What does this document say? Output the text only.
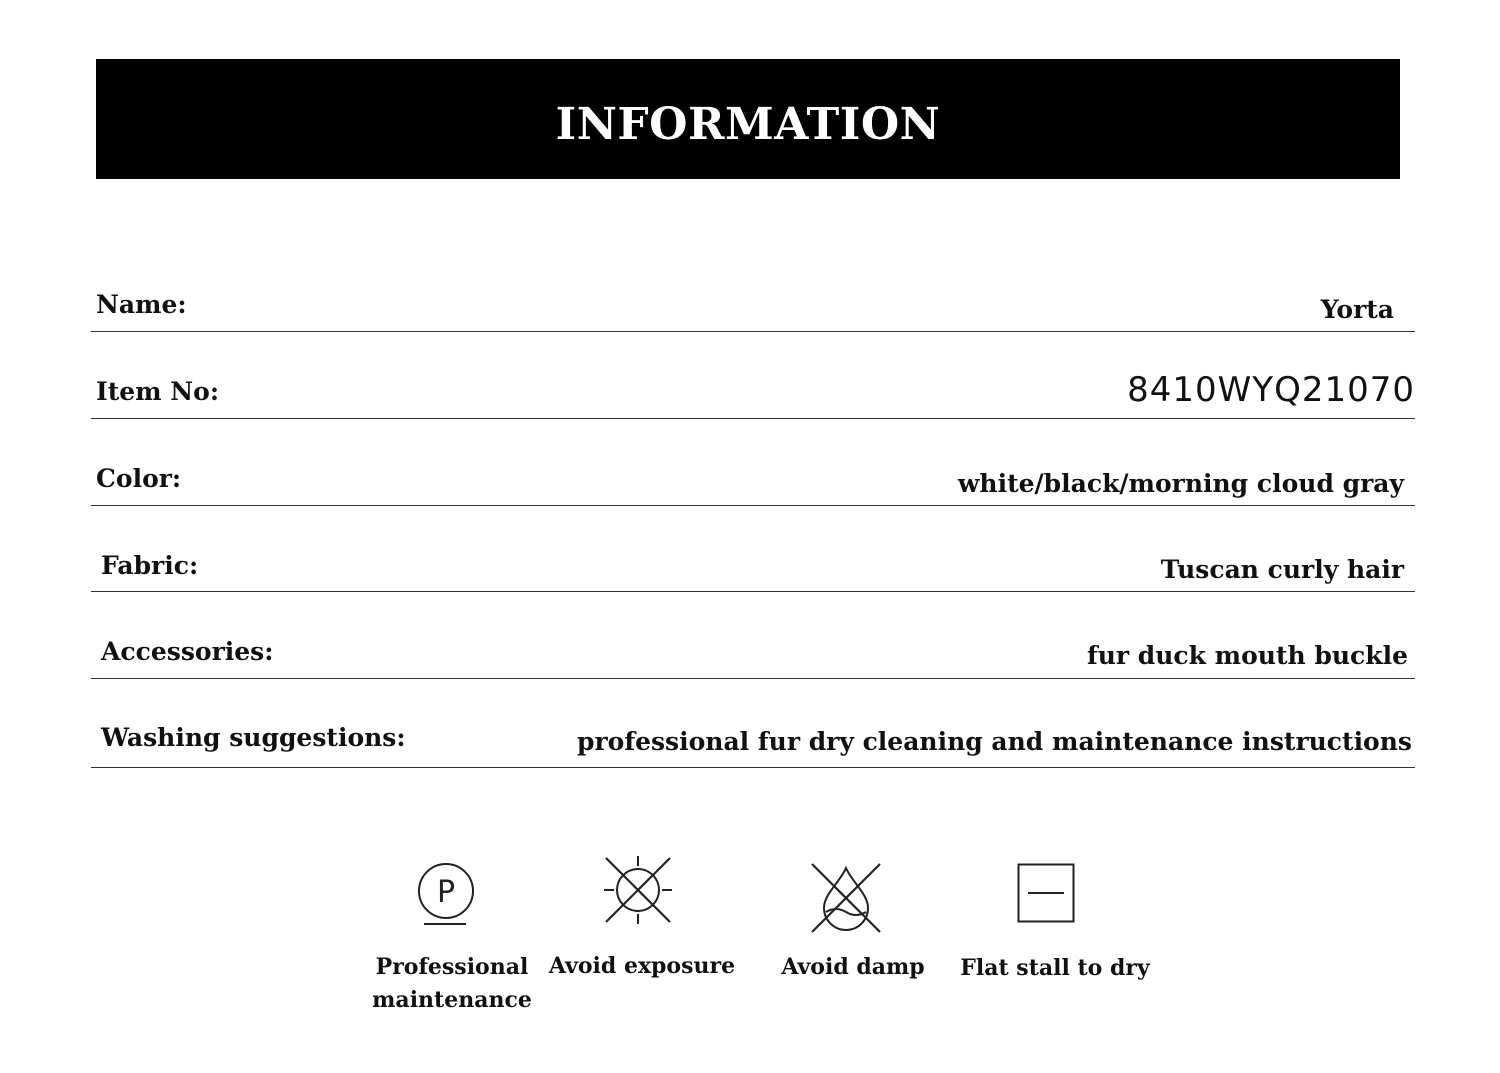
INFORMATION
Name:	Yorta
Item No:	8410WYQ21070
Color:	white/black/morning cloud gray
Fabric:	Tuscan curly hair
Accessories:	fur duck mouth buckle
Washing suggestions:	professional fur dry cleaning and maintenance instructions
P
Professional
maintenance
Avoid exposure	Avoid damp	Flat stall to dry
